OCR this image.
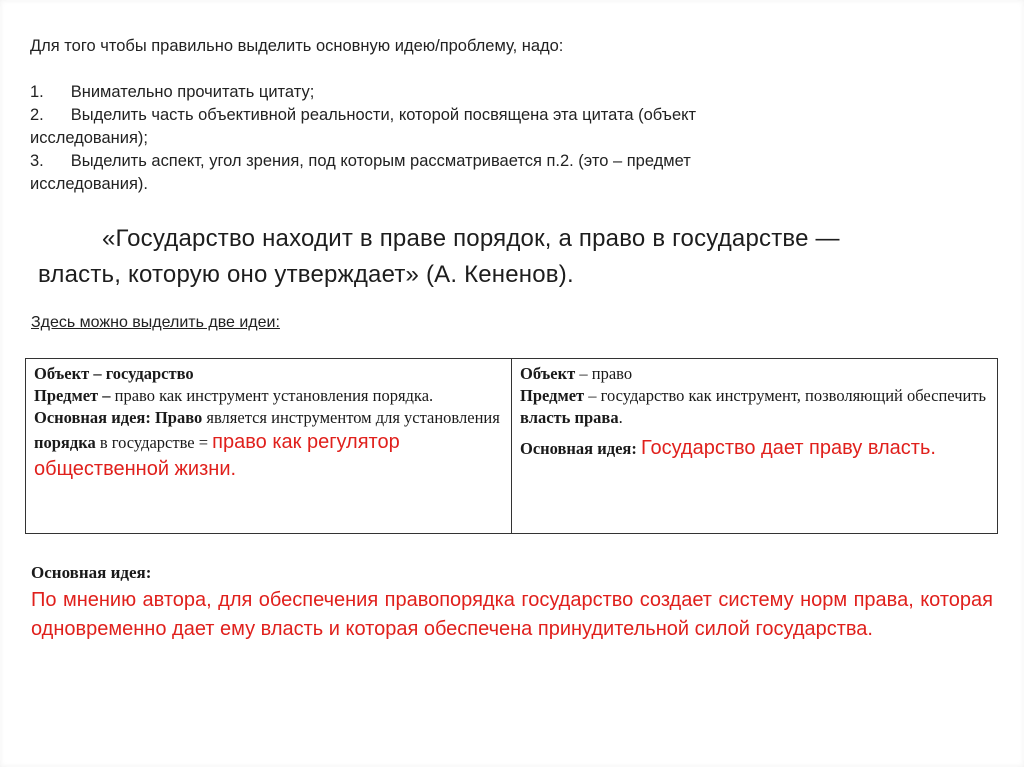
Для того чтобы правильно выделить основную идею/проблему, надо:

1.	Внимательно прочитать цитату;
2.	Выделить часть объективной реальности, которой посвящена эта цитата (объект
исследования);
3.	Выделить аспект, угол зрения, под которым рассматривается п.2. (это – предмет
исследования).
«Государство находит в праве порядок, а право в государстве —
власть, которую оно утверждает» (А. Кененов).
Здесь можно выделить две идеи:
Объект – государство
Предмет – право как инструмент установления порядка.
Основная идея: Право является инструментом для установления порядка в государстве = право как регулятор общественной жизни.

Объект – право
Предмет – государство как инструмент, позволяющий обеспечить власть права.
Основная идея: Государство дает праву власть.
Основная идея:
По мнению автора, для обеспечения правопорядка государство создает систему норм права, которая одновременно дает ему власть и которая обеспечена принудительной силой государства.
